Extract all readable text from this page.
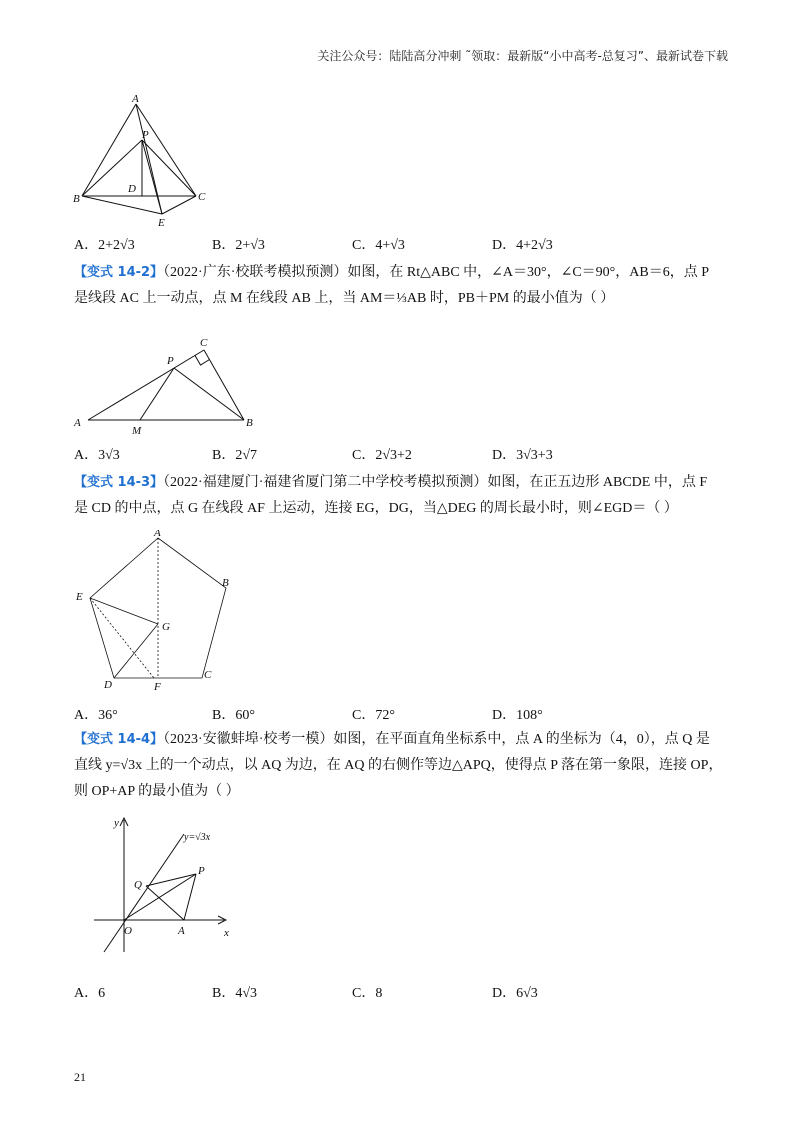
关注公众号：陆陆高分冲刺 ˜领取：最新版“小中高考-总复习”、最新试卷下载
A
P
B
D
C
E
A．2+2√3	B．2+√3	C．4+√3	D．4+2√3
【变式 14-2】（2022·广东·校联考模拟预测）如图，在 Rt△ABC 中，∠A＝30°，∠C＝90°，AB＝6，点 P
是线段 AC 上一动点，点 M 在线段 AB 上，当 AM＝⅓AB 时，PB＋PM 的最小值为（ ）
C
P
A
M
B
A．3√3	B．2√7	C．2√3+2	D．3√3+3
【变式 14-3】（2022·福建厦门·福建省厦门第二中学校考模拟预测）如图，在正五边形 ABCDE 中，点 F
是 CD 的中点，点 G 在线段 AF 上运动，连接 EG，DG，当△DEG 的周长最小时，则∠EGD＝（ ）
A
B
E
G
D	F
C
A．36°	B．60°	C．72°	D．108°
【变式 14-4】（2023·安徽蚌埠·校考一模）如图，在平面直角坐标系中，点 A 的坐标为（4，0），点 Q 是
直线 y=√3x 上的一个动点，以 AQ 为边，在 AQ 的右侧作等边△APQ，使得点 P 落在第一象限，连接 OP，
则 OP+AP 的最小值为（ ）
y
Q
P
O	A	x
y=√3x
A．6	B．4√3	C．8	D．6√3
21
